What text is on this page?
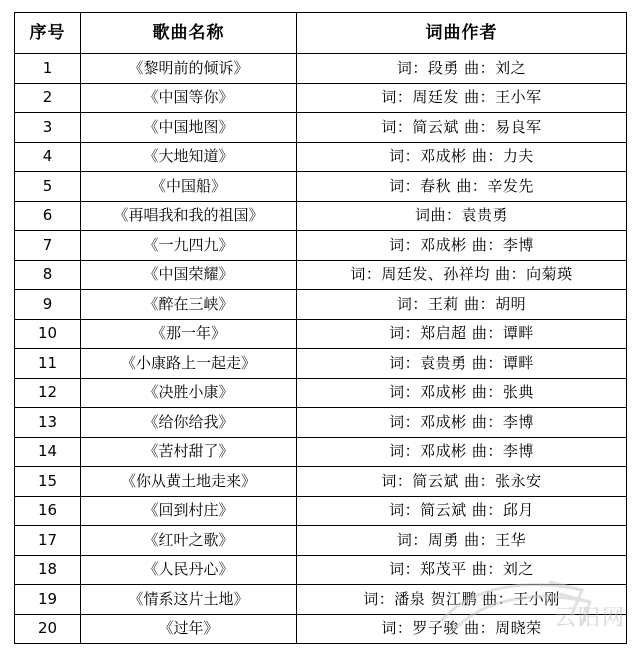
序号	歌曲名称	词曲作者
1	《黎明前的倾诉》	词：段勇 曲：刘之
2	《中国等你》	词：周廷发 曲：王小军
3	《中国地图》	词：简云斌 曲：易良军
4	《大地知道》	词：邓成彬 曲：力夫
5	《中国船》	词：春秋 曲：辛发先
6	《再唱我和我的祖国》	词曲：袁贵勇
7	《一九四九》	词：邓成彬 曲：李博
8	《中国荣耀》	词：周廷发、孙祥均 曲：向菊瑛
9	《醉在三峡》	词：王莉 曲：胡明
10	《那一年》	词：郑启超 曲：谭畔
11	《小康路上一起走》	词：袁贵勇 曲：谭畔
12	《决胜小康》	词：邓成彬 曲：张典
13	《给你给我》	词：邓成彬 曲：李博
14	《苦村甜了》	词：邓成彬 曲：李博
15	《你从黄土地走来》	词：简云斌 曲：张永安
16	《回到村庄》	词：简云斌 曲：邱月
17	《红叶之歌》	词：周勇 曲：王华
18	《人民丹心》	词：郑茂平 曲：刘之
19	《情系这片土地》	词：潘泉 贺江鹏 曲：王小刚
20	《过年》	词：罗子骏 曲：周晓荣 云阳网
